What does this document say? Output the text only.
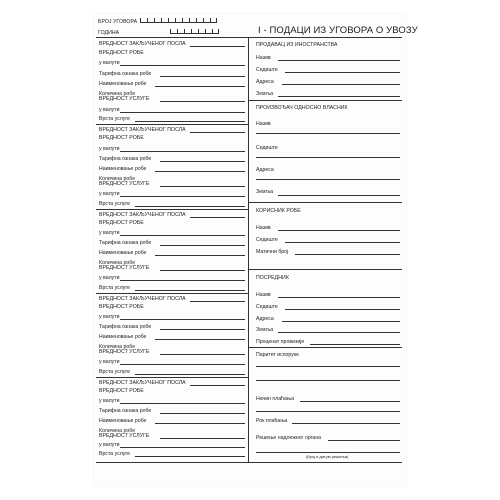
БРОЈ УГОВОРА
ГОДИНА	I - ПОДАЦИ ИЗ УГОВОРА О УВОЗУ
ВРЕДНОСТ ЗАКЉУЧЕНОГ ПОСЛА
ВРЕДНОСТ РОБЕ
у валути
Тарифна ознака робе
Наименовање робе
Количина робе
ВРЕДНОСТ УСЛУГЕ
у валути
Врста услуге
ВРЕДНОСТ ЗАКЉУЧЕНОГ ПОСЛА
ВРЕДНОСТ РОБЕ
у валути
Тарифна ознака робе
Наименовање робе
Количина робе
ВРЕДНОСТ УСЛУГЕ
у валути
Врста услуге
ВРЕДНОСТ ЗАКЉУЧЕНОГ ПОСЛА
ВРЕДНОСТ РОБЕ
у валути
Тарифна ознака робе
Наименовање робе
Количина робе
ВРЕДНОСТ УСЛУГЕ
у валути
Врста услуге
ВРЕДНОСТ ЗАКЉУЧЕНОГ ПОСЛА
ВРЕДНОСТ РОБЕ
у валути
Тарифна ознака робе
Наименовање робе
Количина робе
ВРЕДНОСТ УСЛУГЕ
у валути
Врста услуге
ВРЕДНОСТ ЗАКЉУЧЕНОГ ПОСЛА
ВРЕДНОСТ РОБЕ
у валути
Тарифна ознака робе
Наименовање робе
Количина робе
ВРЕДНОСТ УСЛУГЕ
у валути
Врста услуге
ПРОДАВАЦ ИЗ ИНОСТРАНСТВА
Назив
Седиште
Адреса
Земља
ПРОИЗВОЂАЧ ОДНОСНО ВЛАСНИК
Назив
Седиште
Адреса
Земља
КОРИСНИК РОБЕ
Назив
Седиште
Матични број
ПОСРЕДНИК
Назив
Седиште
Адреса
Земља
Проценат провизије
Паритет испоруке
Начин плаћања
Рок плаћања
Решење надлежног органа
(број и датум решења)
